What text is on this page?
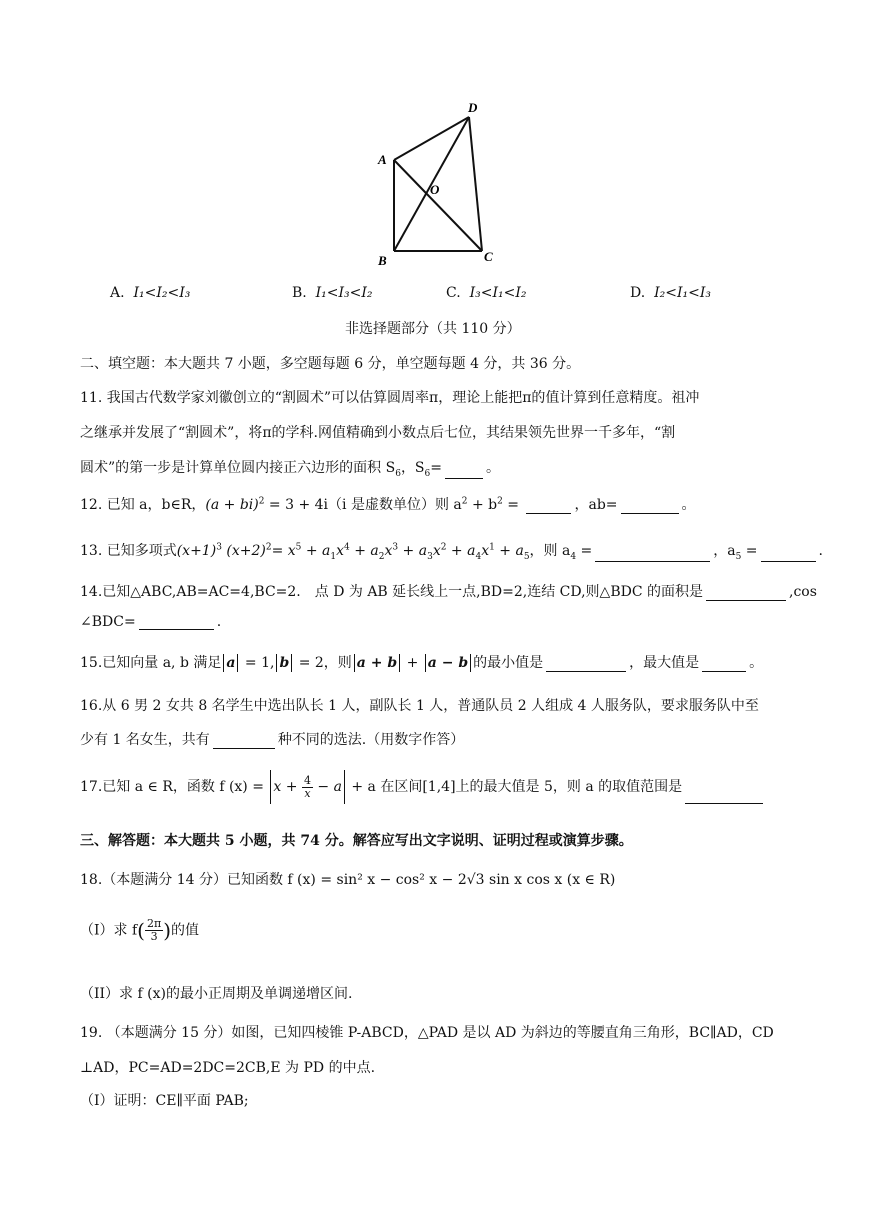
A
B	C
D
O
A. I₁<I₂<I₃	B. I₁<I₃<I₂	C. I₃<I₁<I₂	D. I₂<I₁<I₃
非选择题部分（共 110 分）
二、填空题：本大题共 7 小题，多空题每题 6 分，单空题每题 4 分，共 36 分。
11. 我国古代数学家刘徽创立的“割圆术”可以估算圆周率π，理论上能把π的值计算到任意精度。祖冲
之继承并发展了“割圆术”，将π的学科.网值精确到小数点后七位，其结果领先世界一千多年，“割
圆术”的第一步是计算单位圆内接正六边形的面积 $S_6$，$S_6=$	。
12. 已知 a，b∈R，(a + bi)$^2$ = 3 + 4i（i 是虚数单位）则 $a^2 + b^2$ =	，ab=	。
13. 已知多项式$(x+1)^3$ $(x+2)^2= x^5 + a_1x^4 + a_2x^3 + a_3x^2 + a_4x^1 + a_5$，则 $a_4$ =	，$a_5$ =	.
14.已知△ABC,AB=AC=4,BC=2.　点 D 为 AB 延长线上一点,BD=2,连结 CD,则△BDC 的面积是	,cos
∠BDC=	.
15.已知向量 a, b 满足 a = 1, b = 2，则 a + b + a − b 的最小值是	，最大值是	。
16.从 6 男 2 女共 8 名学生中选出队长 1 人，副队长 1 人，普通队员 2 人组成 4 人服务队，要求服务队中至
少有 1 名女生，共有	种不同的选法.（用数字作答）
17.已知 a ∈ R，函数 f $(x) = x + \frac{4}{x} - a + a$ 在区间[1,4]上的最大值是 5，则 a 的取值范围是
三、解答题：本大题共 5 小题，共 74 分。解答应写出文字说明、证明过程或演算步骤。
18.（本题满分 14 分）已知函数 f (x) = sin² x − cos² x − 2√3 sin x cos x (x ∈ R)
（I）求 $f( \frac{2\pi}{3}$ )的值
（II）求 f (x)的最小正周期及单调递增区间.
19. （本题满分 15 分）如图，已知四棱锥 P-ABCD，△PAD 是以 AD 为斜边的等腰直角三角形，BC∥AD，CD
⊥AD，PC=AD=2DC=2CB,E 为 PD 的中点.
（I）证明：CE∥平面 PAB;
